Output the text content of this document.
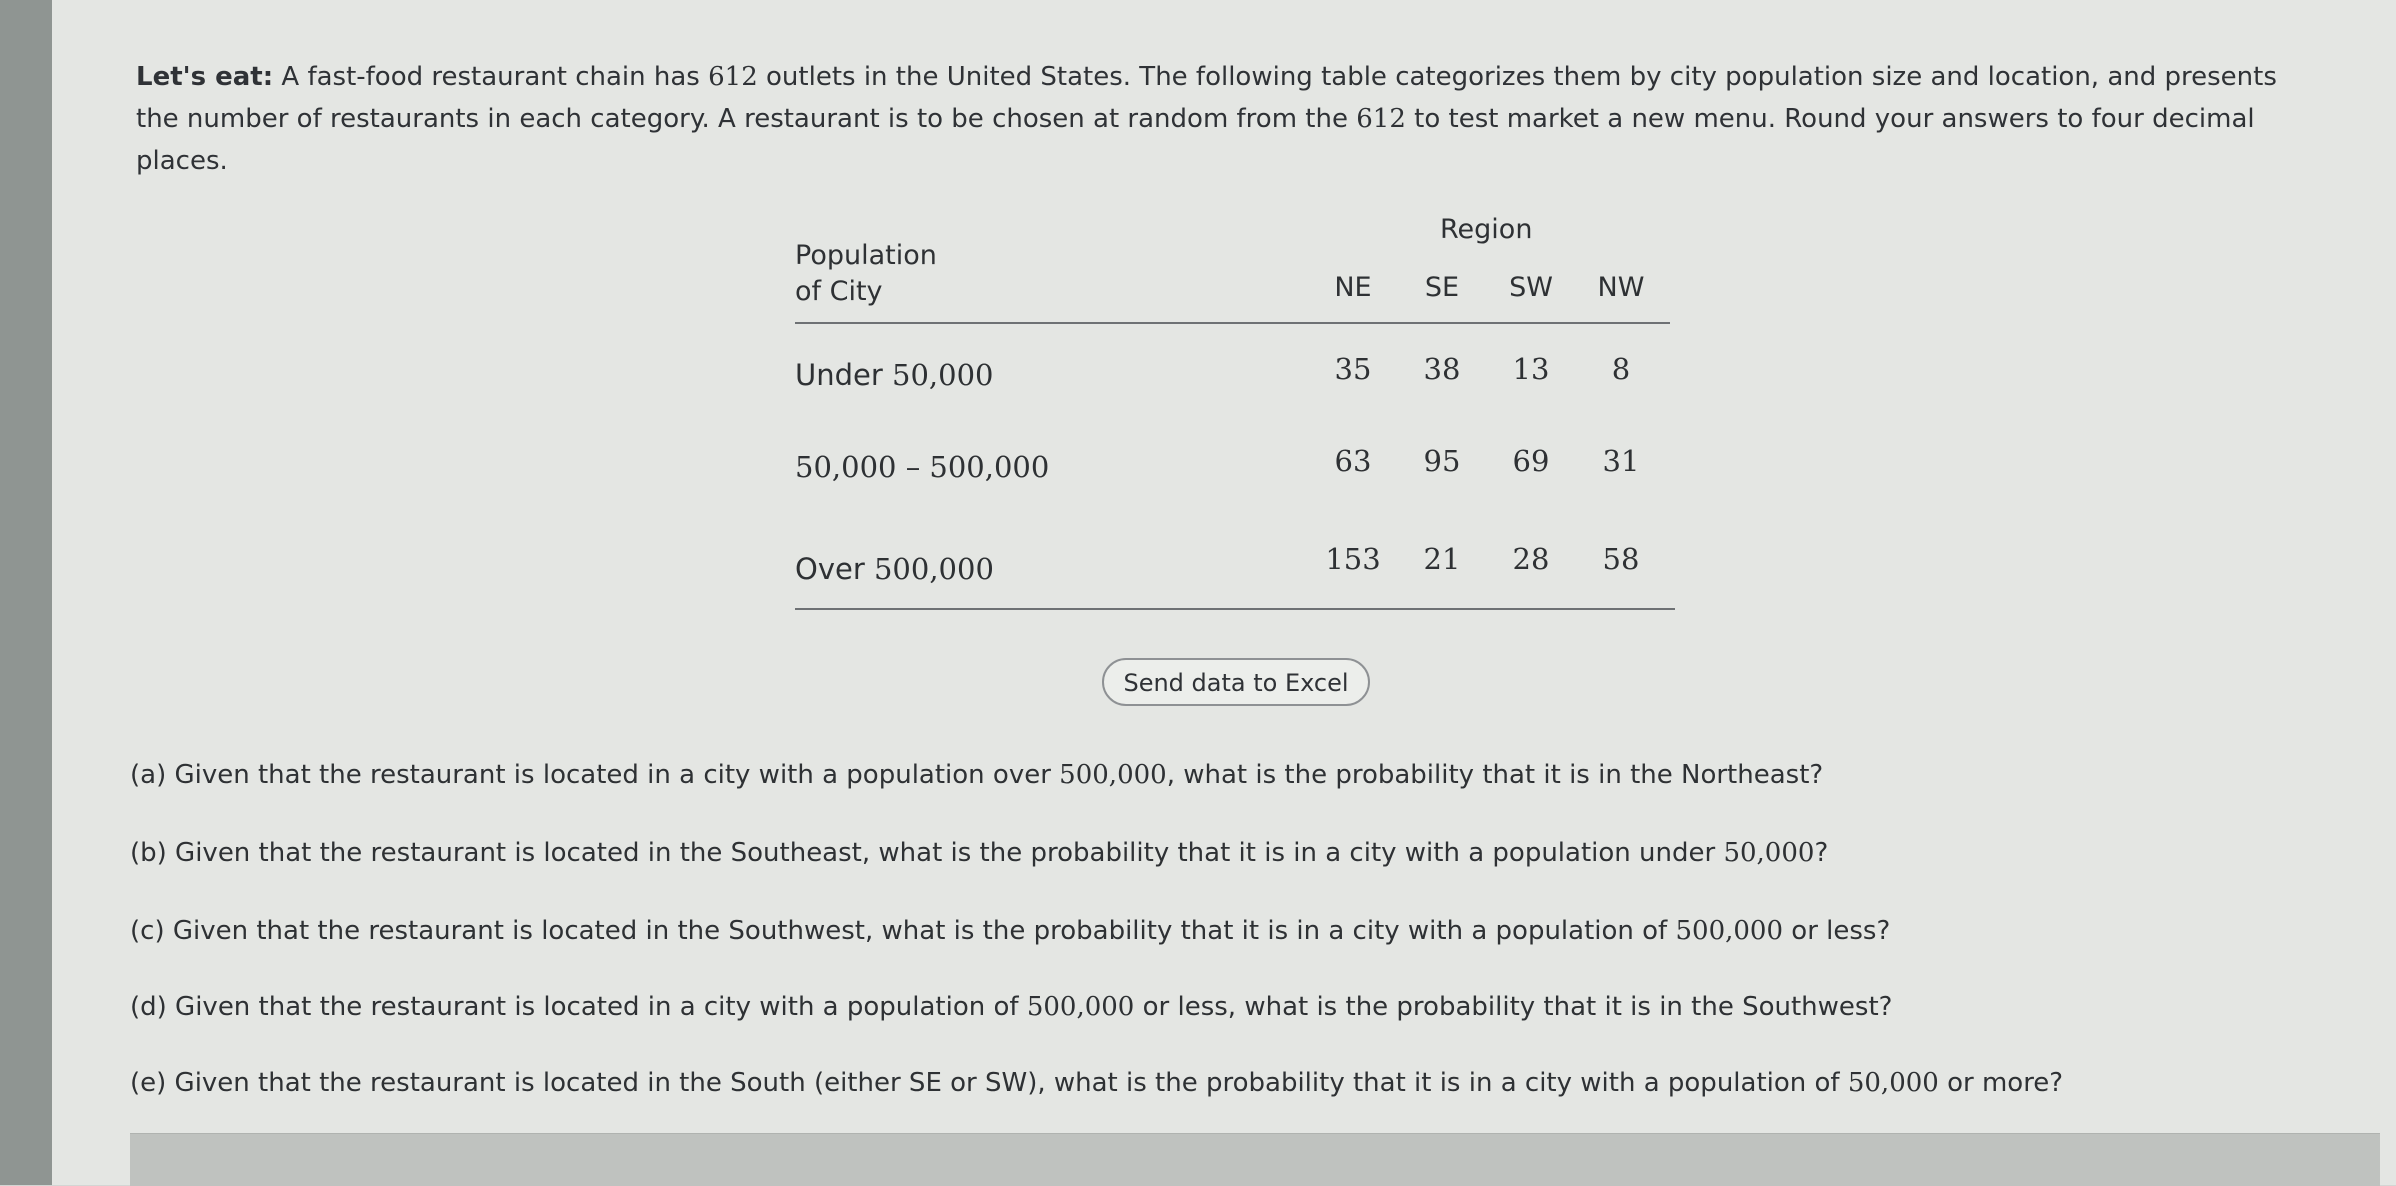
Let's eat: A fast-food restaurant chain has 612 outlets in the United States. The following table categorizes them by city population size and location, and presents the number of restaurants in each category. A restaurant is to be chosen at random from the 612 to test market a new menu. Round your answers to four decimal places.
Population
of City
Region
NE	SE	SW	NW
Under 50,000	35	38	13	8
50,000 – 500,000	63	95	69	31
Over 500,000	153	21	28	58
Send data to Excel
(a) Given that the restaurant is located in a city with a population over 500,000, what is the probability that it is in the Northeast?
(b) Given that the restaurant is located in the Southeast, what is the probability that it is in a city with a population under 50,000?
(c) Given that the restaurant is located in the Southwest, what is the probability that it is in a city with a population of 500,000 or less?
(d) Given that the restaurant is located in a city with a population of 500,000 or less, what is the probability that it is in the Southwest?
(e) Given that the restaurant is located in the South (either SE or SW), what is the probability that it is in a city with a population of 50,000 or more?
